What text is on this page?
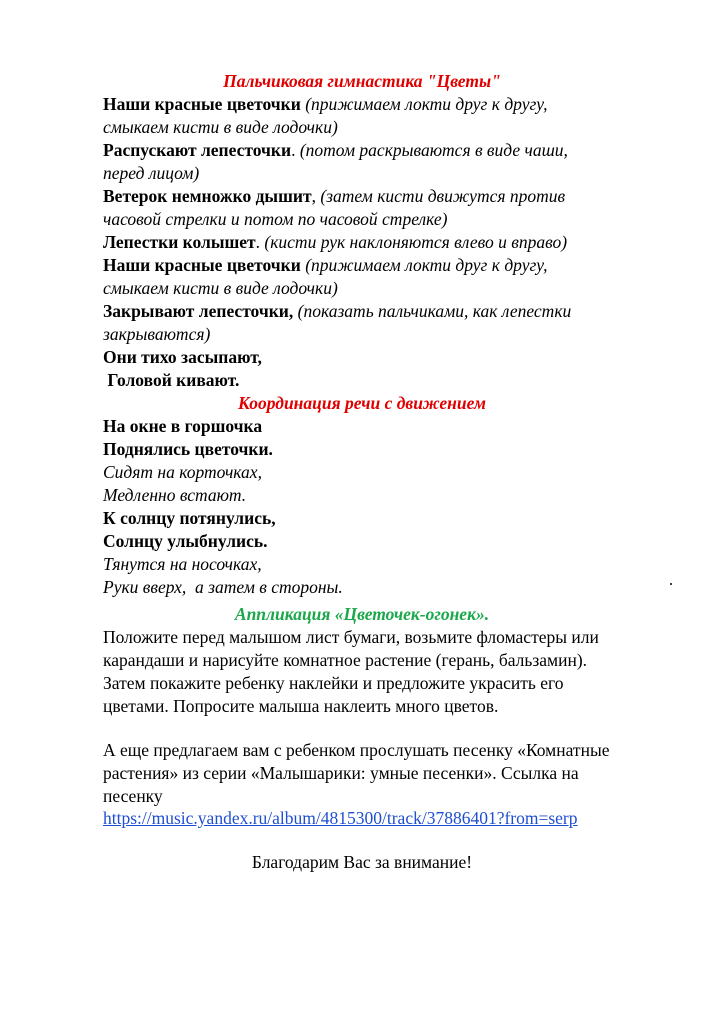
Пальчиковая гимнастика "Цветы"
Наши красные цветочки (прижимаем локти друг к другу,
смыкаем кисти в виде лодочки)
Распускают лепесточки. (потом раскрываются в виде чаши,
перед лицом)
Ветерок немножко дышит, (затем кисти движутся против
часовой стрелки и потом по часовой стрелке)
Лепестки колышет. (кисти рук наклоняются влево и вправо)
Наши красные цветочки (прижимаем локти друг к другу,
смыкаем кисти в виде лодочки)
Закрывают лепесточки, (показать пальчиками, как лепестки
закрываются)
Они тихо засыпают,
Головой кивают.
Координация речи с движением
На окне в горшочка
Поднялись цветочки.
Сидят на корточках,
Медленно встают.
К солнцу потянулись,
Солнцу улыбнулись.
Тянутся на носочках,
Руки вверх,  а затем в стороны.
Аппликация «Цветочек-огонек».
Положите перед малышом лист бумаги, возьмите фломастеры или
карандаши и нарисуйте комнатное растение (герань, бальзамин).
Затем покажите ребенку наклейки и предложите украсить его
цветами. Попросите малыша наклеить много цветов.
А еще предлагаем вам с ребенком прослушать песенку «Комнатные
растения» из серии «Малышарики: умные песенки». Ссылка на
песенку
https://music.yandex.ru/album/4815300/track/37886401?from=serp
Благодарим Вас за внимание!
